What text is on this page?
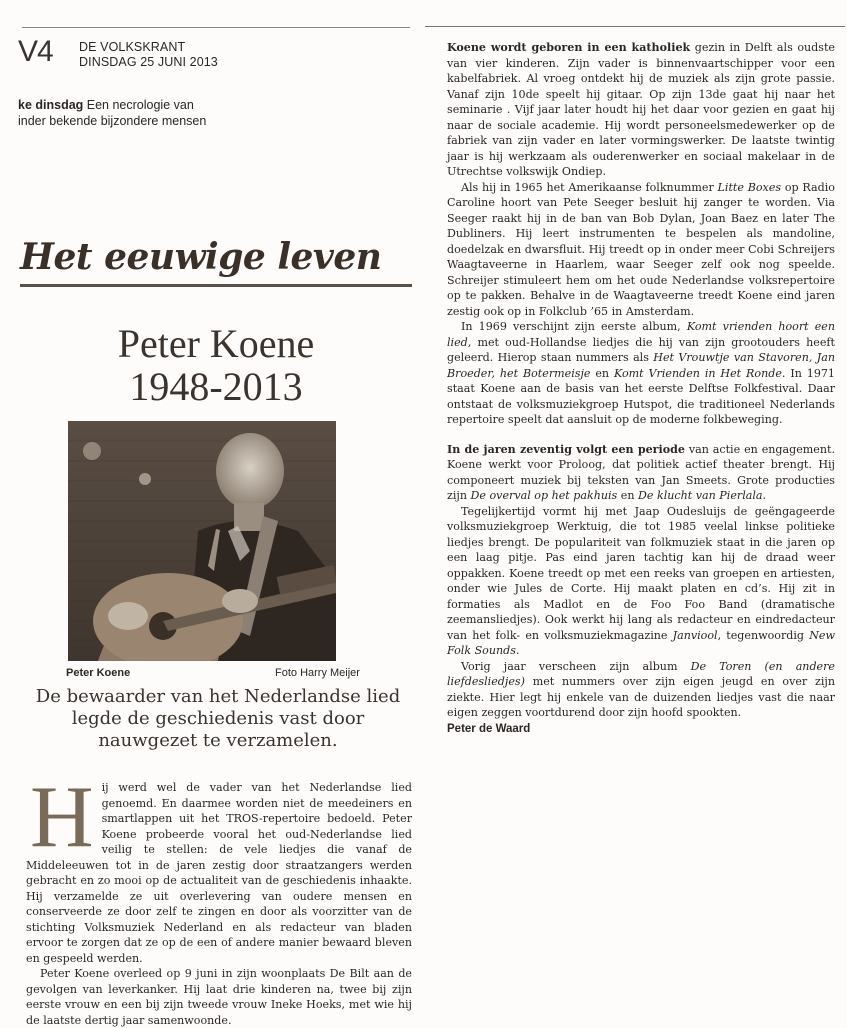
V4 DE VOLKSKRANT
DINSDAG 25 JUNI 2013
ke dinsdag Een necrologie van
inder bekende bijzondere mensen
Het eeuwige leven
Peter Koene
1948-2013
Peter Koene	Foto Harry Meijer
De bewaarder van het Nederlandse lied legde de geschiedenis vast door nauwgezet te verzamelen.

Hij werd wel de vader van het Nederlandse lied genoemd. En daarmee worden niet de meedeiners en smartlappen uit het TROS-repertoire bedoeld. Peter Koene probeerde vooral het oud-Nederlandse lied veilig te stellen: de vele liedjes die vanaf de Middeleeuwen tot in de jaren zestig door straatzangers werden gebracht en zo mooi op de actualiteit van de geschiedenis inhaakte. Hij verzamelde ze uit overlevering van oudere mensen en conserveerde ze door zelf te zingen en door als voorzitter van de stichting Volksmuziek Nederland en als redacteur van bladen ervoor te zorgen dat ze op de een of andere manier bewaard bleven en gespeeld werden.

Peter Koene overleed op 9 juni in zijn woonplaats De Bilt aan de gevolgen van leverkanker. Hij laat drie kinderen na, twee bij zijn eerste vrouw en een bij zijn tweede vrouw Ineke Hoeks, met wie hij de laatste dertig jaar samenwoonde.

Koene wordt geboren in een katholiek gezin in Delft als oudste van vier kinderen. Zijn vader is binnenvaartschipper voor een kabelfabriek. Al vroeg ontdekt hij de muziek als zijn grote passie. Vanaf zijn 10de speelt hij gitaar. Op zijn 13de gaat hij naar het seminarie . Vijf jaar later houdt hij het daar voor gezien en gaat hij naar de sociale academie. Hij wordt personeelsmedewerker op de fabriek van zijn vader en later vormingswerker. De laatste twintig jaar is hij werkzaam als ouderenwerker en sociaal makelaar in de Utrechtse volkswijk Ondiep.

Als hij in 1965 het Amerikaanse folknummer Litte Boxes op Radio Caroline hoort van Pete Seeger besluit hij zanger te worden. Via Seeger raakt hij in de ban van Bob Dylan, Joan Baez en later The Dubliners. Hij leert instrumenten te bespelen als mandoline, doedelzak en dwarsfluit. Hij treedt op in onder meer Cobi Schreijers Waagtaveerne in Haarlem, waar Seeger zelf ook nog speelde. Schreijer stimuleert hem om het oude Nederlandse volksrepertoire op te pakken. Behalve in de Waagtaveerne treedt Koene eind jaren zestig ook op in Folkclub ’65 in Amsterdam.

In 1969 verschijnt zijn eerste album, Komt vrienden hoort een lied, met oud-Hollandse liedjes die hij van zijn grootouders heeft geleerd. Hierop staan nummers als Het Vrouwtje van Stavoren, Jan Broeder, het Botermeisje en Komt Vrienden in Het Ronde. In 1971 staat Koene aan de basis van het eerste Delftse Folkfestival. Daar ontstaat de volksmuziekgroep Hutspot, die traditioneel Nederlands repertoire speelt dat aansluit op de moderne folkbeweging.

In de jaren zeventig volgt een periode van actie en engagement. Koene werkt voor Proloog, dat politiek actief theater brengt. Hij componeert muziek bij teksten van Jan Smeets. Grote producties zijn De overval op het pakhuis en De klucht van Pierlala.

Tegelijkertijd vormt hij met Jaap Oudesluijs de geëngageerde volksmuziekgroep Werktuig, die tot 1985 veelal linkse politieke liedjes brengt. De populariteit van folkmuziek staat in die jaren op een laag pitje. Pas eind jaren tachtig kan hij de draad weer oppakken. Koene treedt op met een reeks van groepen en artiesten, onder wie Jules de Corte. Hij maakt platen en cd’s. Hij zit in formaties als Madlot en de Foo Foo Band (dramatische zeemansliedjes). Ook werkt hij lang als redacteur en eindredacteur van het folk- en volksmuziekmagazine Janviool, tegenwoordig New Folk Sounds.

Vorig jaar verscheen zijn album De Toren (en andere liefdesliedjes) met nummers over zijn eigen jeugd en over zijn ziekte. Hier legt hij enkele van de duizenden liedjes vast die naar eigen zeggen voortdurend door zijn hoofd spookten.

Peter de Waard
